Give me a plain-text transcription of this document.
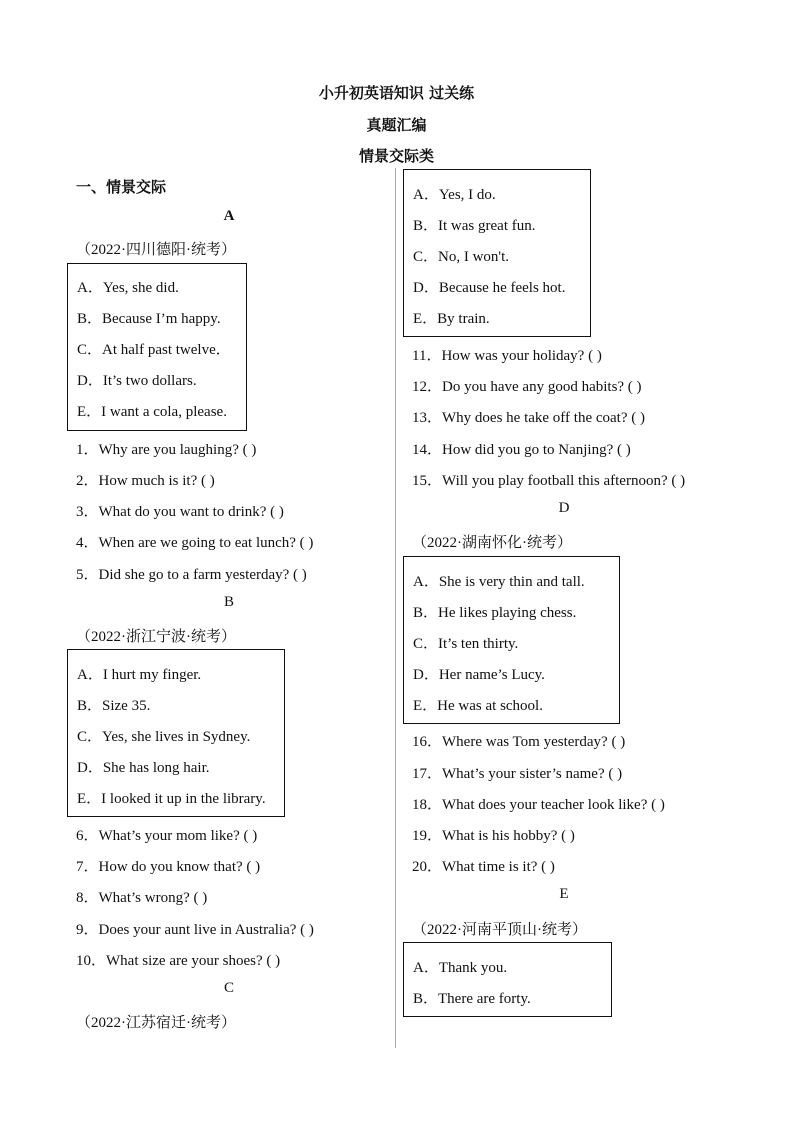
小升初英语知识 过关练
真题汇编
情景交际类
一、情景交际
A
（2022·四川德阳·统考）
A．Yes, she did.
B．Because I’m happy.
C．At half past twelve．
D．It’s two dollars.
E．I want a cola, please.
1．Why are you laughing? ( )
2．How much is it? ( )
3．What do you want to drink? ( )
4．When are we going to eat lunch? ( )
5．Did she go to a farm yesterday? ( )
B
（2022·浙江宁波·统考）
A．I hurt my finger.
B．Size 35.
C．Yes, she lives in Sydney.
D．She has long hair.
E．I looked it up in the library.
6．What’s your mom like? ( )
7．How do you know that? ( )
8．What’s wrong? ( )
9．Does your aunt live in Australia? ( )
10．What size are your shoes? ( )
C
（2022·江苏宿迁·统考）
A．Yes, I do.
B．It was great fun.
C．No, I won't.
D．Because he feels hot.
E．By train.
11．How was your holiday? ( )
12．Do you have any good habits? ( )
13．Why does he take off the coat? ( )
14．How did you go to Nanjing? ( )
15．Will you play football this afternoon? ( )
D
（2022·湖南怀化·统考）
A．She is very thin and tall.
B．He likes playing chess.
C．It’s ten thirty.
D．Her name’s Lucy.
E．He was at school.
16．Where was Tom yesterday? ( )
17．What’s your sister’s name? ( )
18．What does your teacher look like? ( )
19．What is his hobby? ( )
20．What time is it? ( )
E
（2022·河南平顶山·统考）
A．Thank you.
B．There are forty.
